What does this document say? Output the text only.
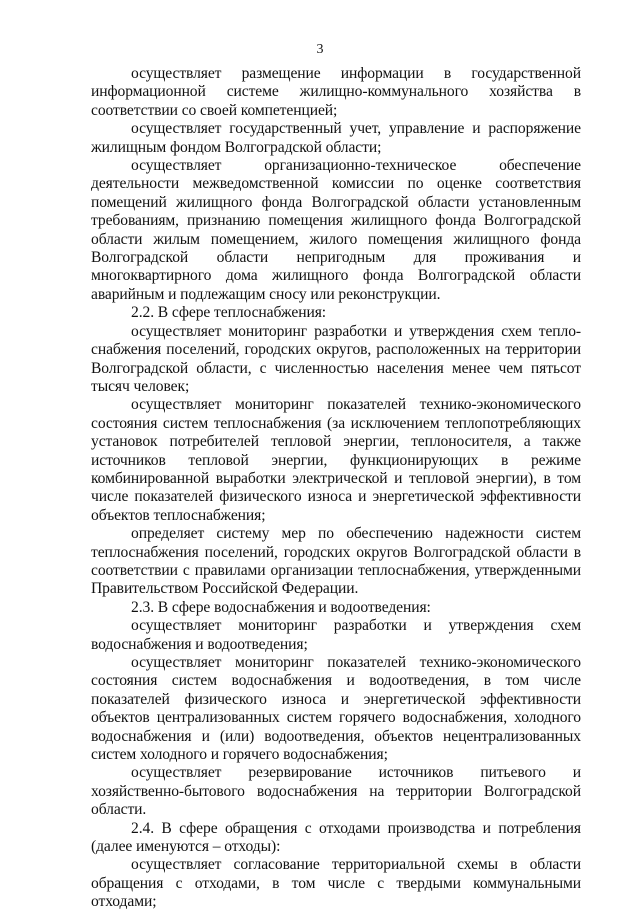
3

осуществляет размещение информации в государственной информационной системе жилищно-коммунального хозяйства в соответствии со своей компетенцией;

осуществляет государственный учет, управление и распоряжение жилищным фондом Волгоградской области;

осуществляет организационно-техническое обеспечение деятельности межведомственной комиссии по оценке соответствия помещений жилищного фонда Волгоградской области установленным требованиям, признанию помещения жилищного фонда Волгоградской области жилым помещением, жилого помещения жилищного фонда Волгоградской области непригодным для проживания и многоквартирного дома жилищного фонда Волгоградской области аварийным и подлежащим сносу или реконструкции.

2.2. В сфере теплоснабжения:

осуществляет мониторинг разработки и утверждения схем тепло-снабжения поселений, городских округов, расположенных на территории Волгоградской области, с численностью населения менее чем пятьсот тысяч человек;

осуществляет мониторинг показателей технико-экономического состояния систем теплоснабжения (за исключением теплопотребляющих установок потребителей тепловой энергии, теплоносителя, а также источников тепловой энергии, функционирующих в режиме комбинированной выработки электрической и тепловой энергии), в том числе показателей физического износа и энергетической эффективности объектов теплоснабжения;

определяет систему мер по обеспечению надежности систем теплоснабжения поселений, городских округов Волгоградской области в соответствии с правилами организации теплоснабжения, утвержденными Правительством Российской Федерации.

2.3. В сфере водоснабжения и водоотведения:

осуществляет мониторинг разработки и утверждения схем водоснабжения и водоотведения;

осуществляет мониторинг показателей технико-экономического состояния систем водоснабжения и водоотведения, в том числе показателей физического износа и энергетической эффективности объектов централизованных систем горячего водоснабжения, холодного водоснабжения и (или) водоотведения, объектов нецентрализованных систем холодного и горячего водоснабжения;

осуществляет резервирование источников питьевого и хозяйственно-бытового водоснабжения на территории Волгоградской области.

2.4. В сфере обращения с отходами производства и потребления (далее именуются – отходы):

осуществляет согласование территориальной схемы в области обращения с отходами, в том числе с твердыми коммунальными отходами;
